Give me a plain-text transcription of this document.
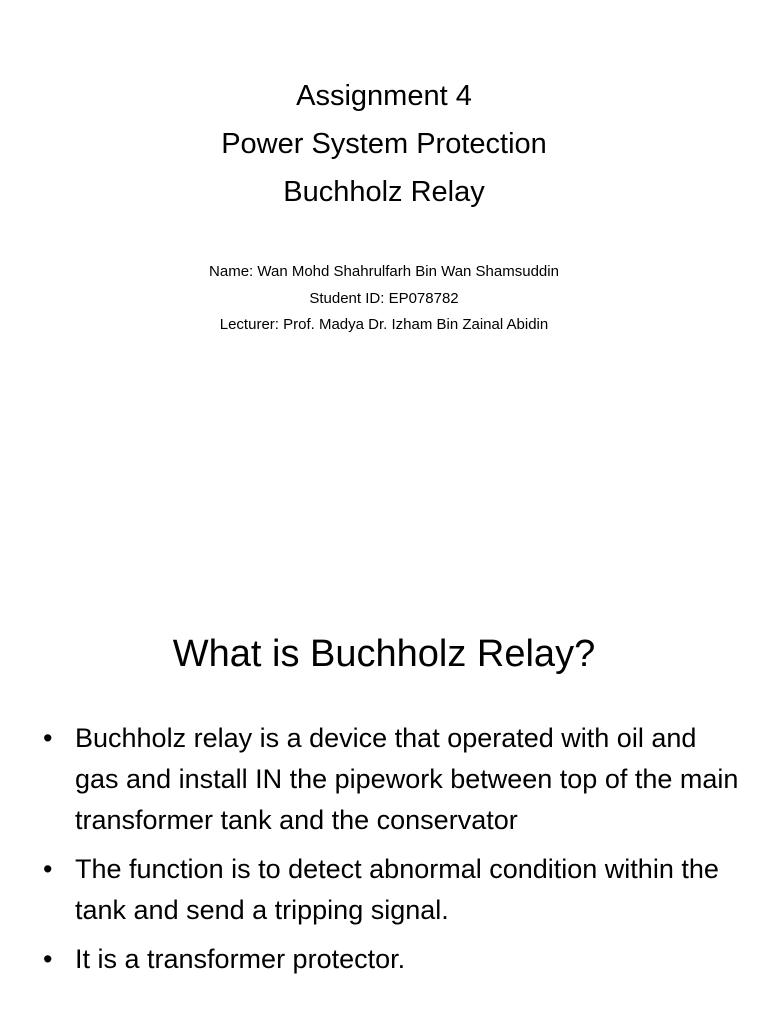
Assignment 4

Power System Protection

Buchholz Relay

Name: Wan Mohd Shahrulfarh Bin Wan Shamsuddin

Student ID: EP078782

Lecturer: Prof. Madya Dr. Izham Bin Zainal Abidin

What is Buchholz Relay?
• Buchholz relay is a device that operated with oil and gas and install IN the pipework between top of the main transformer tank and the conservator
• The function is to detect abnormal condition within the tank and send a tripping signal.
• It is a transformer protector.
